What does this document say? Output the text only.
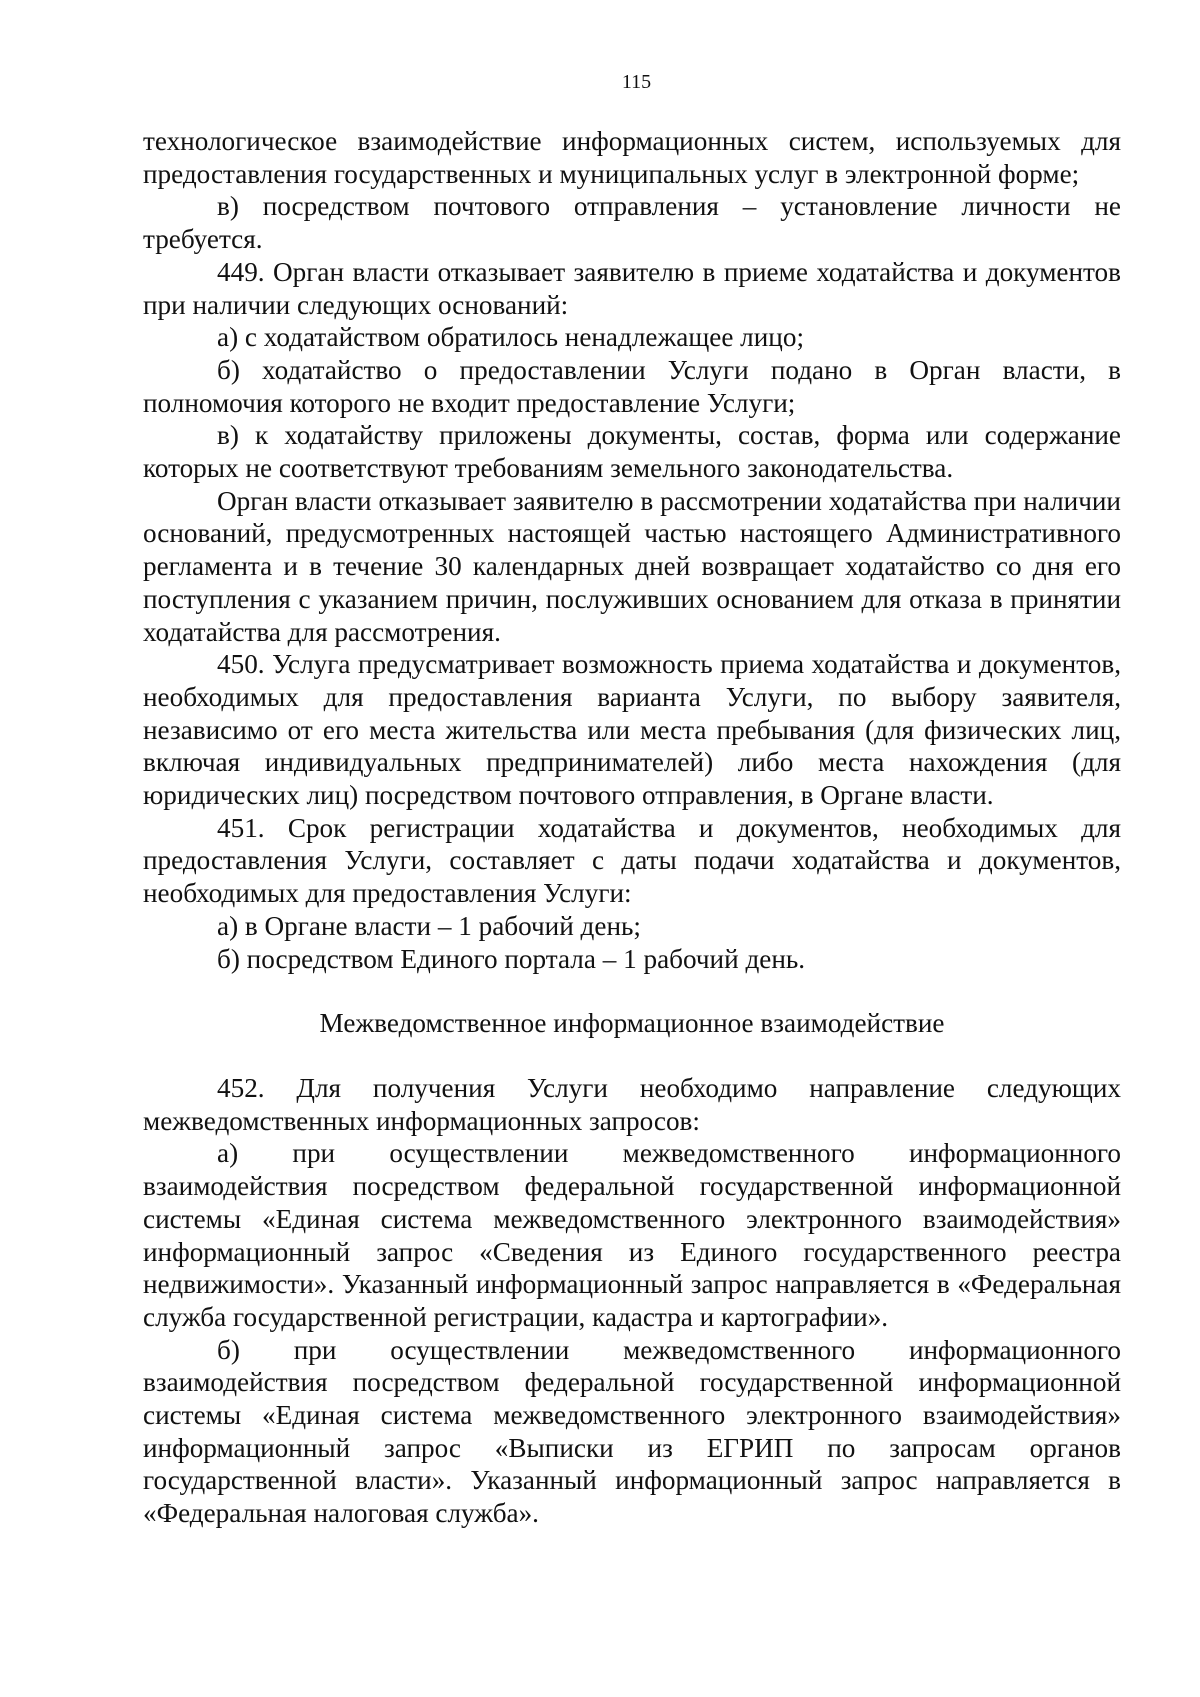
115

технологическое взаимодействие информационных систем, используемых для предоставления государственных и муниципальных услуг в электронной форме;

в) посредством почтового отправления – установление личности не требуется.

449. Орган власти отказывает заявителю в приеме ходатайства и документов при наличии следующих оснований:

а) с ходатайством обратилось ненадлежащее лицо;

б) ходатайство о предоставлении Услуги подано в Орган власти, в полномочия которого не входит предоставление Услуги;

в) к ходатайству приложены документы, состав, форма или содержание которых не соответствуют требованиям земельного законодательства.

Орган власти отказывает заявителю в рассмотрении ходатайства при наличии оснований, предусмотренных настоящей частью настоящего Административного регламента и в течение 30 календарных дней возвращает ходатайство со дня его поступления с указанием причин, послуживших основанием для отказа в принятии ходатайства для рассмотрения.

450. Услуга предусматривает возможность приема ходатайства и документов, необходимых для предоставления варианта Услуги, по выбору заявителя, независимо от его места жительства или места пребывания (для физических лиц, включая индивидуальных предпринимателей) либо места нахождения (для юридических лиц) посредством почтового отправления, в Органе власти.

451. Срок регистрации ходатайства и документов, необходимых для предоставления Услуги, составляет с даты подачи ходатайства и документов, необходимых для предоставления Услуги:

а) в Органе власти – 1 рабочий день;

б) посредством Единого портала – 1 рабочий день.

Межведомственное информационное взаимодействие

452. Для получения Услуги необходимо направление следующих межведомственных информационных запросов:

а) при осуществлении межведомственного информационного взаимодействия посредством федеральной государственной информационной системы «Единая система межведомственного электронного взаимодействия» информационный запрос «Сведения из Единого государственного реестра недвижимости». Указанный информационный запрос направляется в «Федеральная служба государственной регистрации, кадастра и картографии».

б) при осуществлении межведомственного информационного взаимодействия посредством федеральной государственной информационной системы «Единая система межведомственного электронного взаимодействия» информационный запрос «Выписки из ЕГРИП по запросам органов государственной власти». Указанный информационный запрос направляется в «Федеральная налоговая служба».
